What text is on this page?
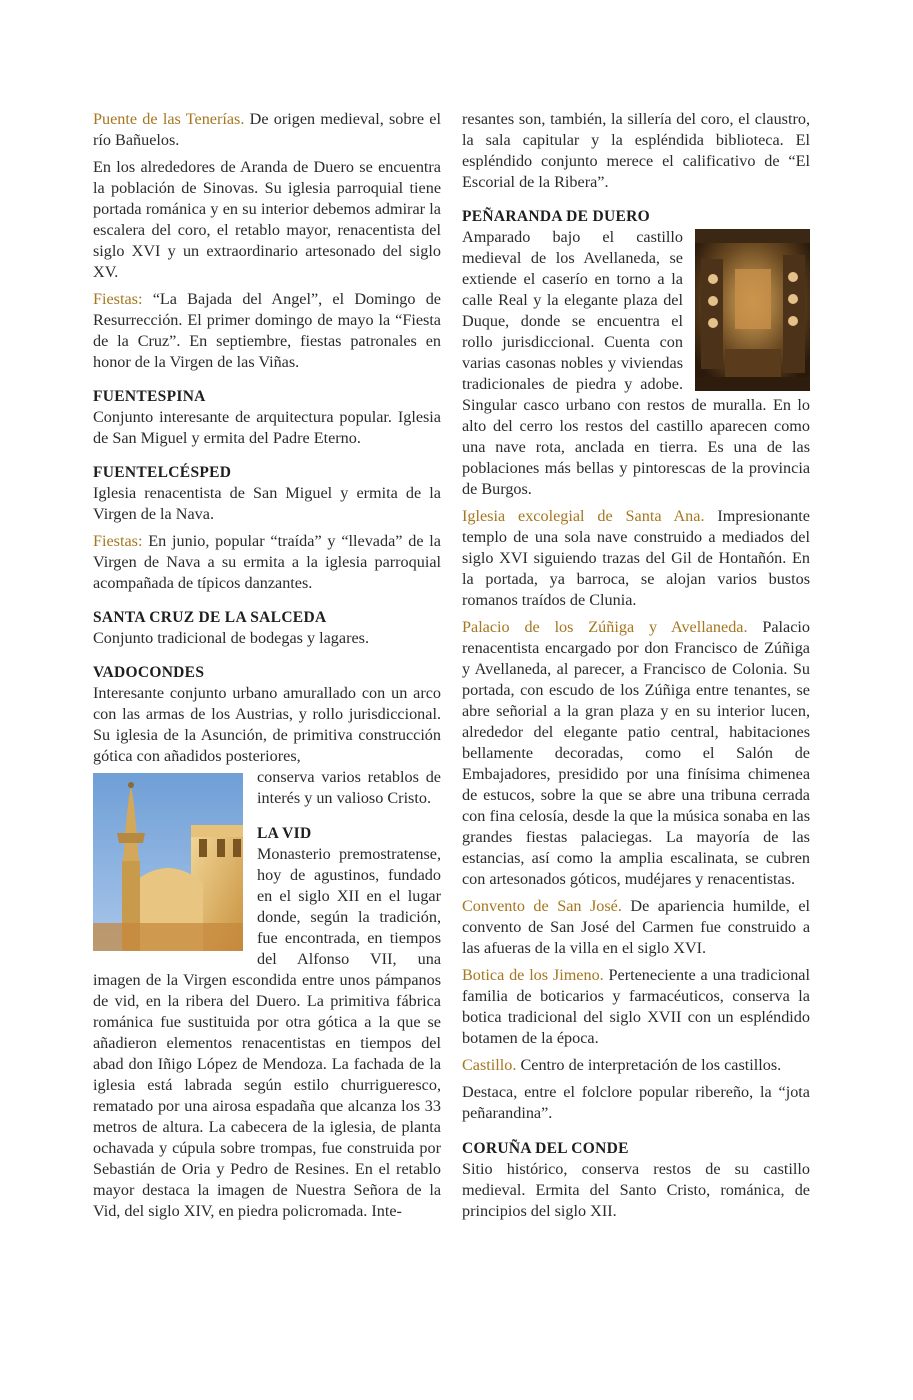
Puente de las Tenerías. De origen medieval, sobre el río Bañuelos.

En los alrededores de Aranda de Duero se encuentra la población de Sinovas. Su iglesia parroquial tiene portada románica y en su interior debemos admirar la escalera del coro, el retablo mayor, renacentista del siglo XVI y un extraordinario artesonado del siglo XV.

Fiestas: “La Bajada del Angel”, el Domingo de Resurrección. El primer domingo de mayo la “Fiesta de la Cruz”. En septiembre, fiestas patronales en honor de la Virgen de las Viñas.

FUENTESPINA

Conjunto interesante de arquitectura popular. Iglesia de San Miguel y ermita del Padre Eterno.

FUENTELCÉSPED

Iglesia renacentista de San Miguel y ermita de la Virgen de la Nava.

Fiestas: En junio, popular “traída” y “llevada” de la Virgen de Nava a su ermita a la iglesia parroquial acompañada de típicos danzantes.

SANTA CRUZ DE LA SALCEDA

Conjunto tradicional de bodegas y lagares.

VADOCONDES

Interesante conjunto urbano amurallado con un arco con las armas de los Austrias, y rollo jurisdiccional. Su iglesia de la Asunción, de primitiva construcción gótica con añadidos posteriores,

conserva varios retablos de interés y un valioso Cristo.

LA VID

Monasterio premostratense, hoy de agustinos, fundado en el siglo XII en el lugar donde, según la tradición, fue encontrada, en tiempos del Alfonso VII, una imagen de la Virgen escondida entre unos pámpanos de vid, en la ribera del Duero. La primitiva fábrica románica fue sustituida por otra gótica a la que se añadieron elementos renacentistas en tiempos del abad don Iñigo López de Mendoza. La fachada de la iglesia está labrada según estilo churrigueresco, rematado por una airosa espadaña que alcanza los 33 metros de altura. La cabecera de la iglesia, de planta ochavada y cúpula sobre trompas, fue construida por Sebastián de Oria y Pedro de Resines. En el retablo mayor destaca la imagen de Nuestra Señora de la Vid, del siglo XIV, en piedra policromada. Inte-

resantes son, también, la sillería del coro, el claustro, la sala capitular y la espléndida biblioteca. El espléndido conjunto merece el calificativo de “El Escorial de la Ribera”.

PEÑARANDA DE DUERO

Amparado bajo el castillo medieval de los Avellaneda, se extiende el caserío en torno a la calle Real y la elegante plaza del Duque, donde se encuentra el rollo jurisdiccional. Cuenta con varias casonas nobles y viviendas tradicionales de piedra y adobe. Singular casco urbano con restos de muralla. En lo alto del cerro los restos del castillo aparecen como una nave rota, anclada en tierra. Es una de las poblaciones más bellas y pintorescas de la provincia de Burgos.

Iglesia excolegial de Santa Ana. Impresionante templo de una sola nave construido a mediados del siglo XVI siguiendo trazas del Gil de Hontañón. En la portada, ya barroca, se alojan varios bustos romanos traídos de Clunia.

Palacio de los Zúñiga y Avellaneda. Palacio renacentista encargado por don Francisco de Zúñiga y Avellaneda, al parecer, a Francisco de Colonia. Su portada, con escudo de los Zúñiga entre tenantes, se abre señorial a la gran plaza y en su interior lucen, alrededor del elegante patio central, habitaciones bellamente decoradas, como el Salón de Embajadores, presidido por una finísima chimenea de estucos, sobre la que se abre una tribuna cerrada con fina celosía, desde la que la música sonaba en las grandes fiestas palaciegas. La mayoría de las estancias, así como la amplia escalinata, se cubren con artesonados góticos, mudéjares y renacentistas.

Convento de San José. De apariencia humilde, el convento de San José del Carmen fue construido a las afueras de la villa en el siglo XVI.

Botica de los Jimeno. Perteneciente a una tradicional familia de boticarios y farmacéuticos, conserva la botica tradicional del siglo XVII con un espléndido botamen de la época.

Castillo. Centro de interpretación de los castillos.

Destaca, entre el folclore popular ribereño, la “jota peñarandina”.

CORUÑA DEL CONDE

Sitio histórico, conserva restos de su castillo medieval. Ermita del Santo Cristo, románica, de principios del siglo XII.
